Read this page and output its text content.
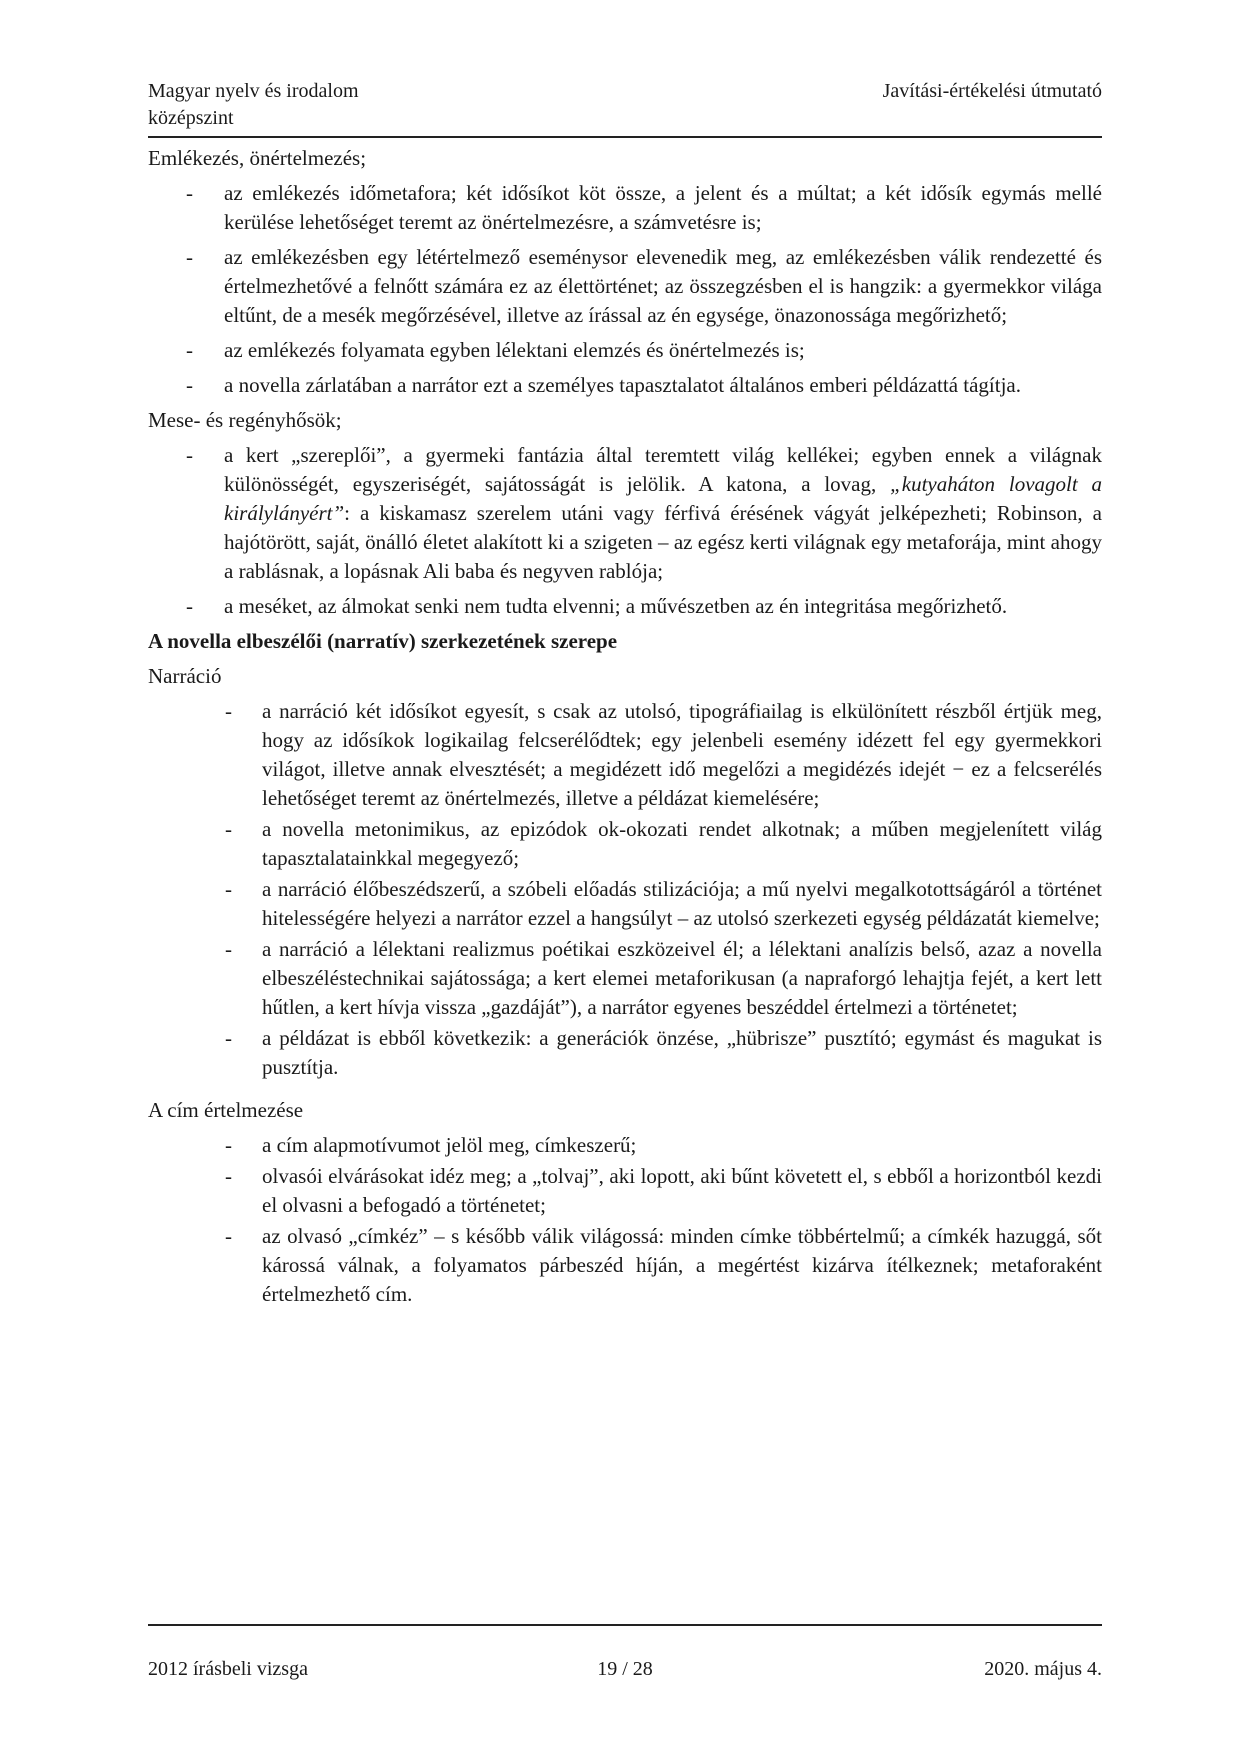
Magyar nyelv és irodalom
középszint
Javítási-értékelési útmutató
Emlékezés, önértelmezés;
- az emlékezés időmetafora; két idősíkot köt össze, a jelent és a múltat; a két idősík egymás mellé kerülése lehetőséget teremt az önértelmezésre, a számvetésre is;
- az emlékezésben egy létértelmező eseménysor elevenedik meg, az emlékezésben válik rendezetté és értelmezhetővé a felnőtt számára ez az élettörténet; az összegzésben el is hangzik: a gyermekkor világa eltűnt, de a mesék megőrzésével, illetve az írással az én egysége, önazonossága megőrizhető;
- az emlékezés folyamata egyben lélektani elemzés és önértelmezés is;
- a novella zárlatában a narrátor ezt a személyes tapasztalatot általános emberi példázattá tágítja.
Mese- és regényhősök;
- a kert „szereplői”, a gyermeki fantázia által teremtett világ kellékei; egyben ennek a világnak különösségét, egyszeriségét, sajátosságát is jelölik. A katona, a lovag, „kutyaháton lovagolt a királylányért”: a kiskamasz szerelem utáni vagy férfivá érésének vágyát jelképezheti; Robinson, a hajótörött, saját, önálló életet alakított ki a szigeten – az egész kerti világnak egy metaforája, mint ahogy a rablásnak, a lopásnak Ali baba és negyven rablója;
- a meséket, az álmokat senki nem tudta elvenni; a művészetben az én integritása megőrizhető.
A novella elbeszélői (narratív) szerkezetének szerepe
Narráció
- a narráció két idősíkot egyesít, s csak az utolsó, tipográfiailag is elkülönített részből értjük meg, hogy az idősíkok logikailag felcserélődtek; egy jelenbeli esemény idézett fel egy gyermekkori világot, illetve annak elvesztését; a megidézett idő megelőzi a megidézés idejét − ez a felcserélés lehetőséget teremt az önértelmezés, illetve a példázat kiemelésére;
- a novella metonimikus, az epizódok ok-okozati rendet alkotnak; a műben megjelenített világ tapasztalatainkkal megegyező;
- a narráció élőbeszédszerű, a szóbeli előadás stilizációja; a mű nyelvi megalkotottságáról a történet hitelességére helyezi a narrátor ezzel a hangsúlyt – az utolsó szerkezeti egység példázatát kiemelve;
- a narráció a lélektani realizmus poétikai eszközeivel él; a lélektani analízis belső, azaz a novella elbeszéléstechnikai sajátossága; a kert elemei metaforikusan (a napraforgó lehajtja fejét, a kert lett hűtlen, a kert hívja vissza „gazdáját”), a narrátor egyenes beszéddel értelmezi a történetet;
- a példázat is ebből következik: a generációk önzése, „hübrisze” pusztító; egymást és magukat is pusztítja.
A cím értelmezése
- a cím alapmotívumot jelöl meg, címkeszerű;
- olvasói elvárásokat idéz meg; a „tolvaj”, aki lopott, aki bűnt követett el, s ebből a horizontból kezdi el olvasni a befogadó a történetet;
- az olvasó „címkéz” – s később válik világossá: minden címke többértelmű; a címkék hazuggá, sőt károssá válnak, a folyamatos párbeszéd híján, a megértést kizárva ítélkeznek; metaforaként értelmezhető cím.
2012 írásbeli vizsga	19 / 28	2020. május 4.
